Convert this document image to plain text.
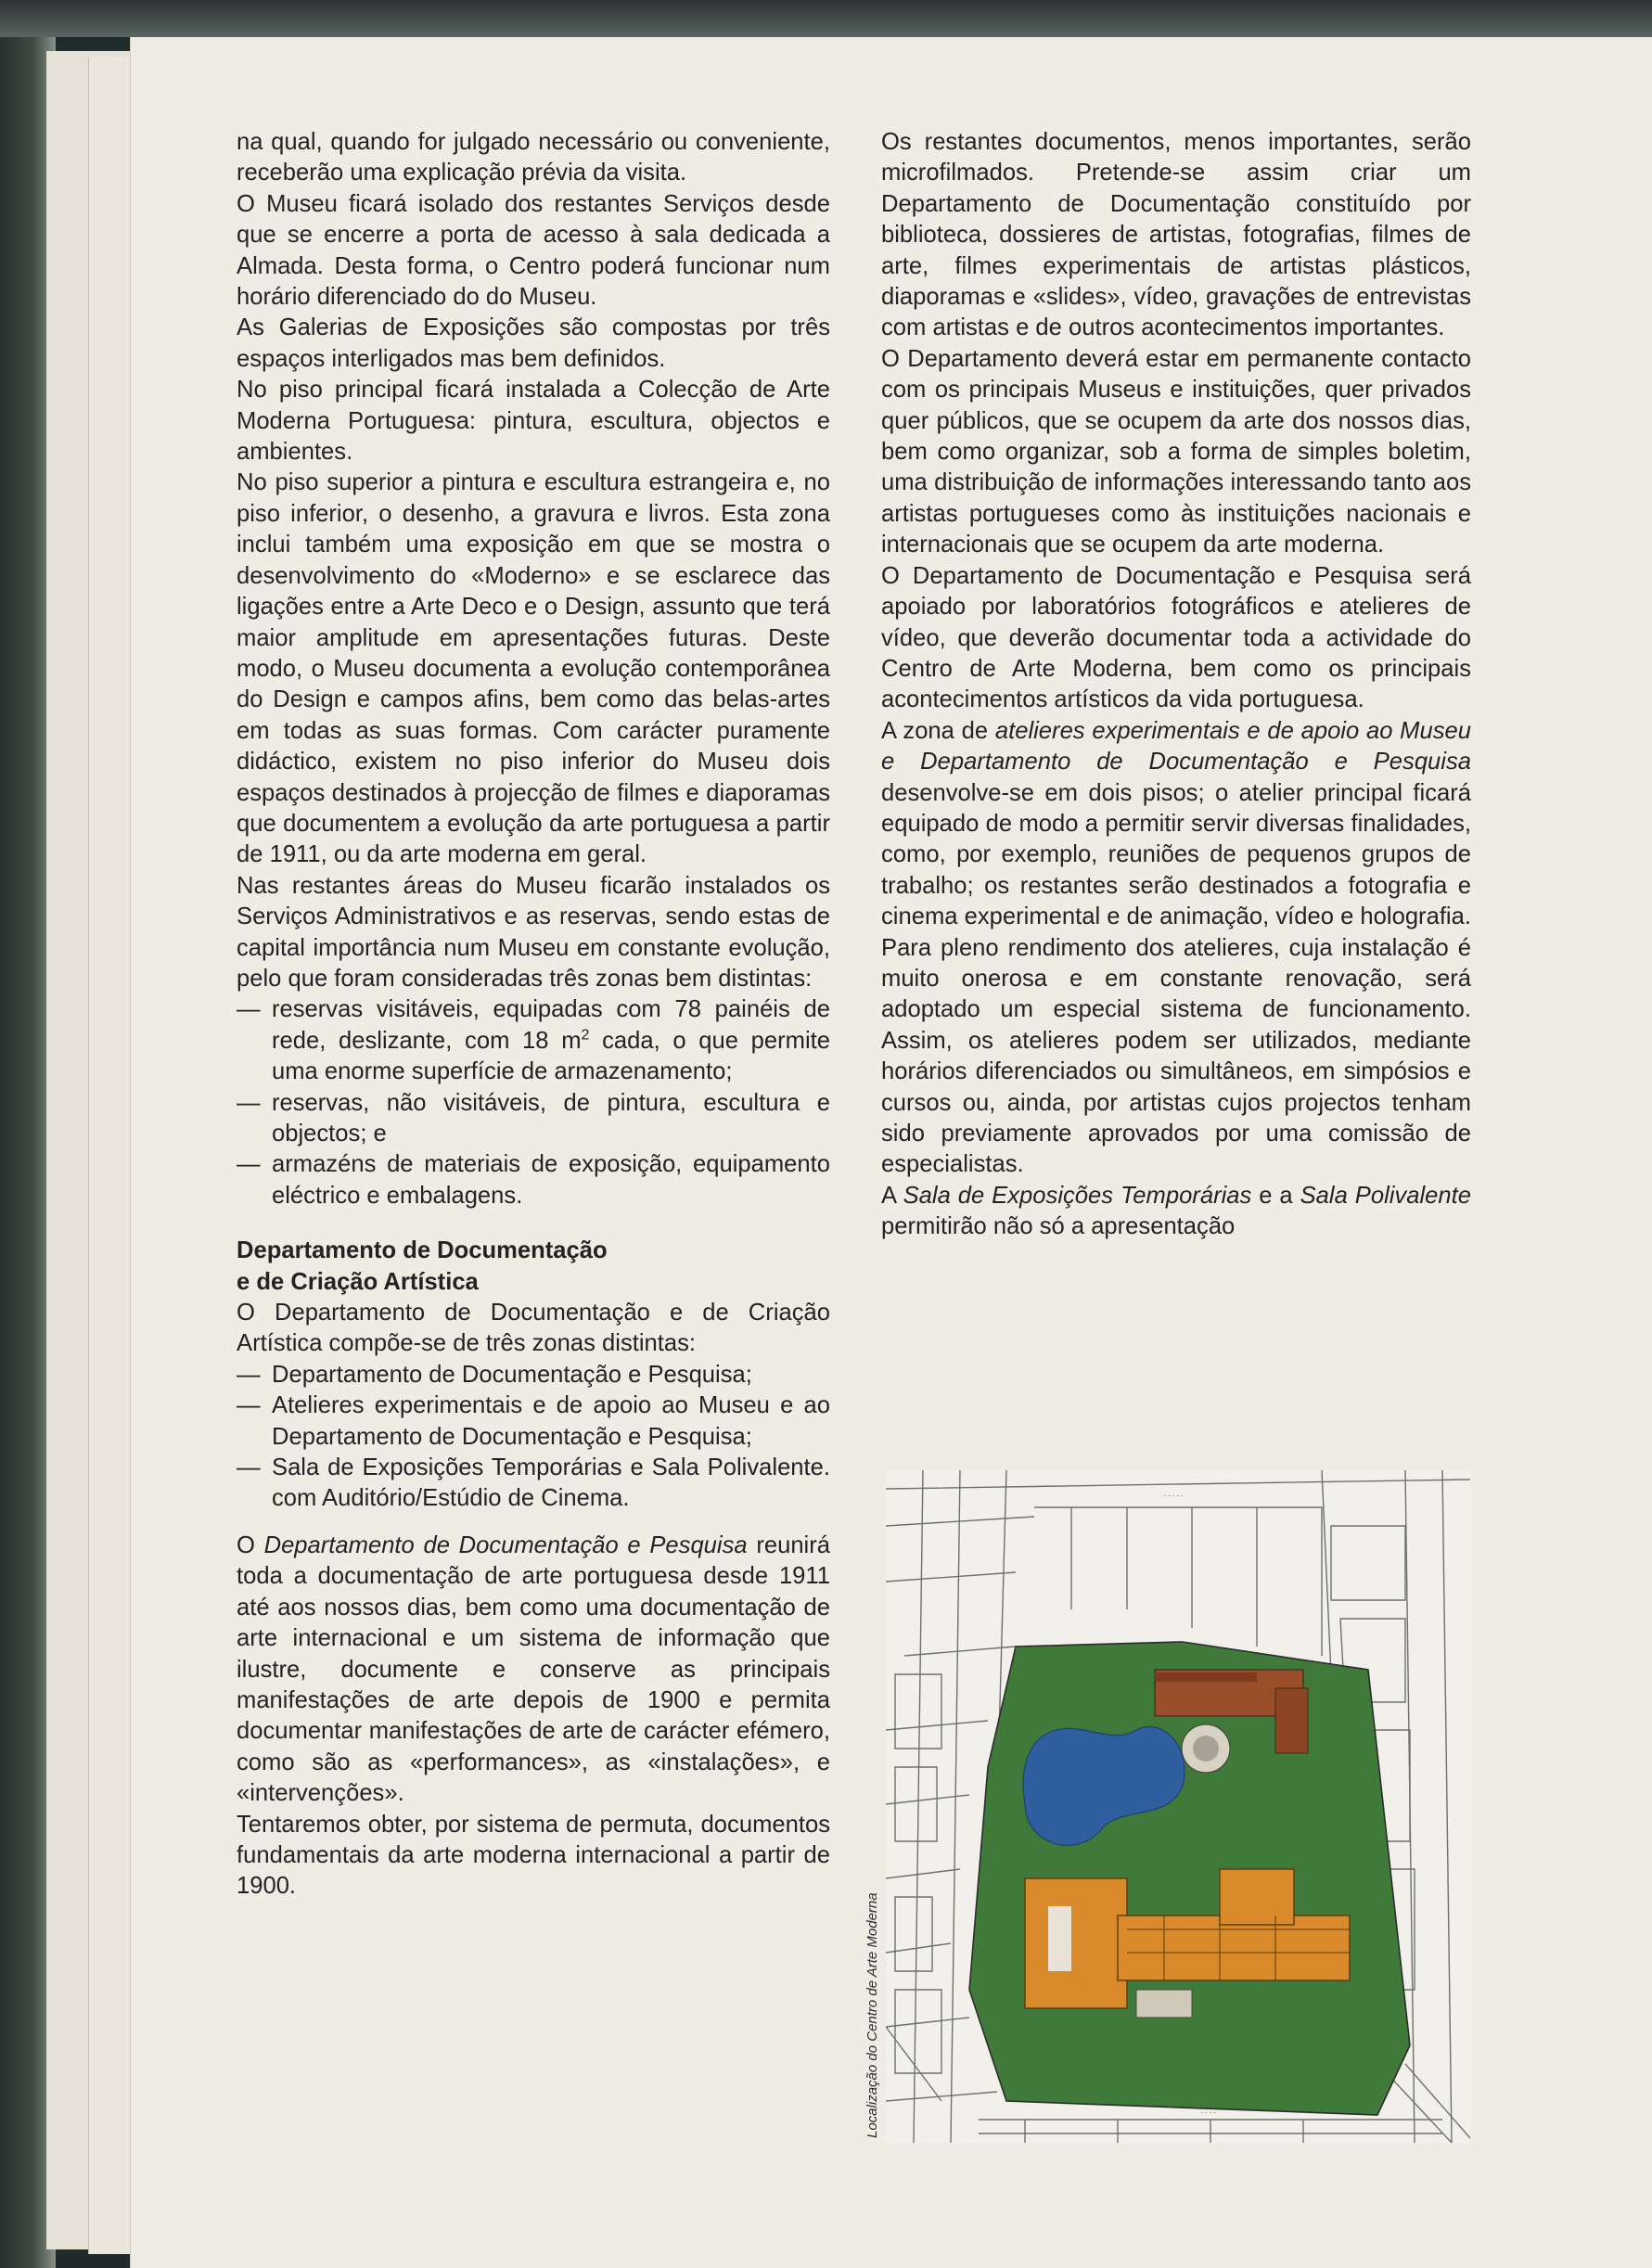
na qual, quando for julgado necessário ou conveniente, receberão uma explicação prévia da visita.

O Museu ficará isolado dos restantes Serviços desde que se encerre a porta de acesso à sala dedicada a Almada. Desta forma, o Centro poderá funcionar num horário diferenciado do do Museu.

As Galerias de Exposições são compostas por três espaços interligados mas bem definidos.

No piso principal ficará instalada a Colecção de Arte Moderna Portuguesa: pintura, escultura, objectos e ambientes.

No piso superior a pintura e escultura estrangeira e, no piso inferior, o desenho, a gravura e livros. Esta zona inclui também uma exposição em que se mostra o desenvolvimento do «Moderno» e se esclarece das ligações entre a Arte Deco e o Design, assunto que terá maior amplitude em apresentações futuras. Deste modo, o Museu documenta a evolução contemporânea do Design e campos afins, bem como das belas-artes em todas as suas formas. Com carácter puramente didáctico, existem no piso inferior do Museu dois espaços destinados à projecção de filmes e diaporamas que documentem a evolução da arte portuguesa a partir de 1911, ou da arte moderna em geral.

Nas restantes áreas do Museu ficarão instalados os Serviços Administrativos e as reservas, sendo estas de capital importância num Museu em constante evolução, pelo que foram consideradas três zonas bem distintas:

— reservas visitáveis, equipadas com 78 painéis de rede, deslizante, com 18 $m^2$ cada, o que permite uma enorme superfície de armazenamento;
— reservas, não visitáveis, de pintura, escultura e objectos; e
— armazéns de materiais de exposição, equipamento eléctrico e embalagens.

Departamento de Documentação
e de Criação Artística

O Departamento de Documentação e de Criação Artística compõe-se de três zonas distintas:

— Departamento de Documentação e Pesquisa;
— Atelieres experimentais e de apoio ao Museu e ao Departamento de Documentação e Pesquisa;
— Sala de Exposições Temporárias e Sala Polivalente. com Auditório/Estúdio de Cinema.

O Departamento de Documentação e Pesquisa reunirá toda a documentação de arte portuguesa desde 1911 até aos nossos dias, bem como uma documentação de arte internacional e um sistema de informação que ilustre, documente e conserve as principais manifestações de arte depois de 1900 e permita documentar manifestações de arte de carácter efémero, como são as «performances», as «instalações», e «intervenções».

Tentaremos obter, por sistema de permuta, documentos fundamentais da arte moderna internacional a partir de 1900.

Os restantes documentos, menos importantes, serão microfilmados. Pretende-se assim criar um Departamento de Documentação constituído por biblioteca, dossieres de artistas, fotografias, filmes de arte, filmes experimentais de artistas plásticos, diaporamas e «slides», vídeo, gravações de entrevistas com artistas e de outros acontecimentos importantes.

O Departamento deverá estar em permanente contacto com os principais Museus e instituições, quer privados quer públicos, que se ocupem da arte dos nossos dias, bem como organizar, sob a forma de simples boletim, uma distribuição de informações interessando tanto aos artistas portugueses como às instituições nacionais e internacionais que se ocupem da arte moderna.

O Departamento de Documentação e Pesquisa será apoiado por laboratórios fotográficos e atelieres de vídeo, que deverão documentar toda a actividade do Centro de Arte Moderna, bem como os principais acontecimentos artísticos da vida portuguesa.

A zona de atelieres experimentais e de apoio ao Museu e Departamento de Documentação e Pesquisa desenvolve-se em dois pisos; o atelier principal ficará equipado de modo a permitir servir diversas finalidades, como, por exemplo, reuniões de pequenos grupos de trabalho; os restantes serão destinados a fotografia e cinema experimental e de animação, vídeo e holografia.

Para pleno rendimento dos atelieres, cuja instalação é muito onerosa e em constante renovação, será adoptado um especial sistema de funcionamento. Assim, os atelieres podem ser utilizados, mediante horários diferenciados ou simultâneos, em simpósios e cursos ou, ainda, por artistas cujos projectos tenham sido previamente aprovados por uma comissão de especialistas.

A Sala de Exposições Temporárias e a Sala Polivalente permitirão não só a apresentação

· · · · ·
· · · ·
Localização do Centro de Arte Moderna
